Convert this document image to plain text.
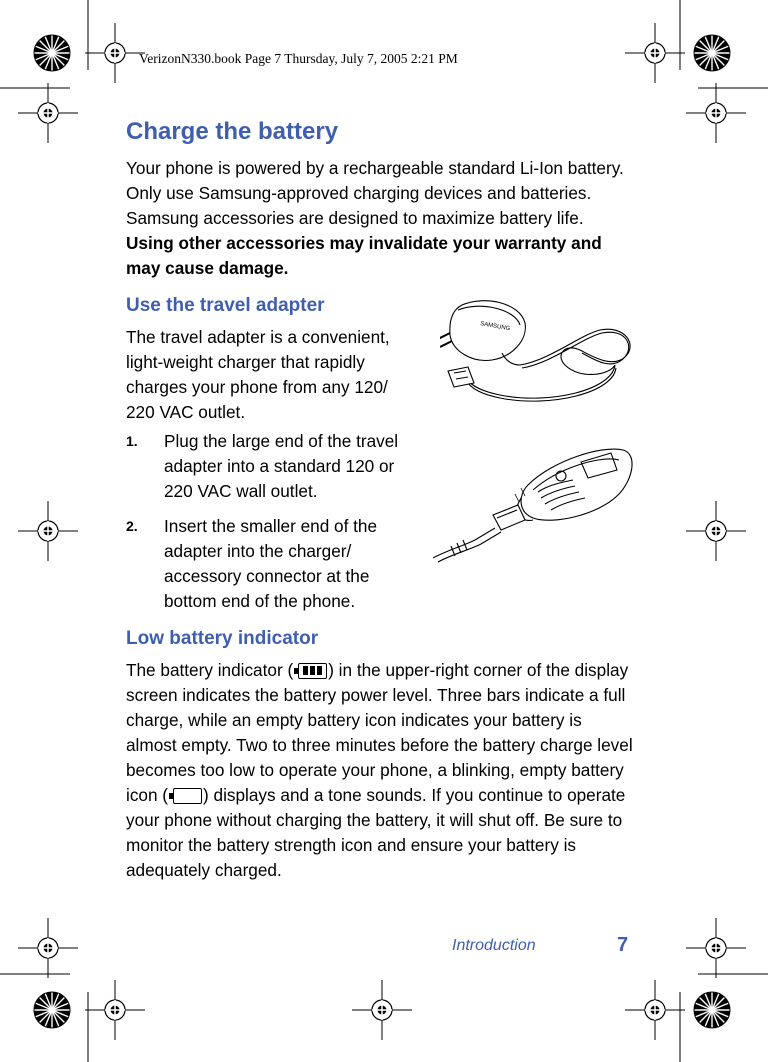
VerizonN330.book Page 7 Thursday, July 7, 2005 2:21 PM
Charge the battery

Your phone is powered by a rechargeable standard Li-Ion battery. Only use Samsung-approved charging devices and batteries. Samsung accessories are designed to maximize battery life. Using other accessories may invalidate your warranty and may cause damage.

Use the travel adapter

The travel adapter is a convenient, light-weight charger that rapidly charges your phone from any 120/ 220 VAC outlet.

1. Plug the large end of the travel adapter into a standard 120 or 220 VAC wall outlet.

2. Insert the smaller end of the adapter into the charger/ accessory connector at the bottom end of the phone.

SAMSUNG
Low battery indicator

The battery indicator ( ) in the upper-right corner of the display screen indicates the battery power level. Three bars indicate a full charge, while an empty battery icon indicates your battery is almost empty. Two to three minutes before the battery charge level becomes too low to operate your phone, a blinking, empty battery icon ( ) displays and a tone sounds. If you continue to operate your phone without charging the battery, it will shut off. Be sure to monitor the battery strength icon and ensure your battery is adequately charged.

Introduction	7
